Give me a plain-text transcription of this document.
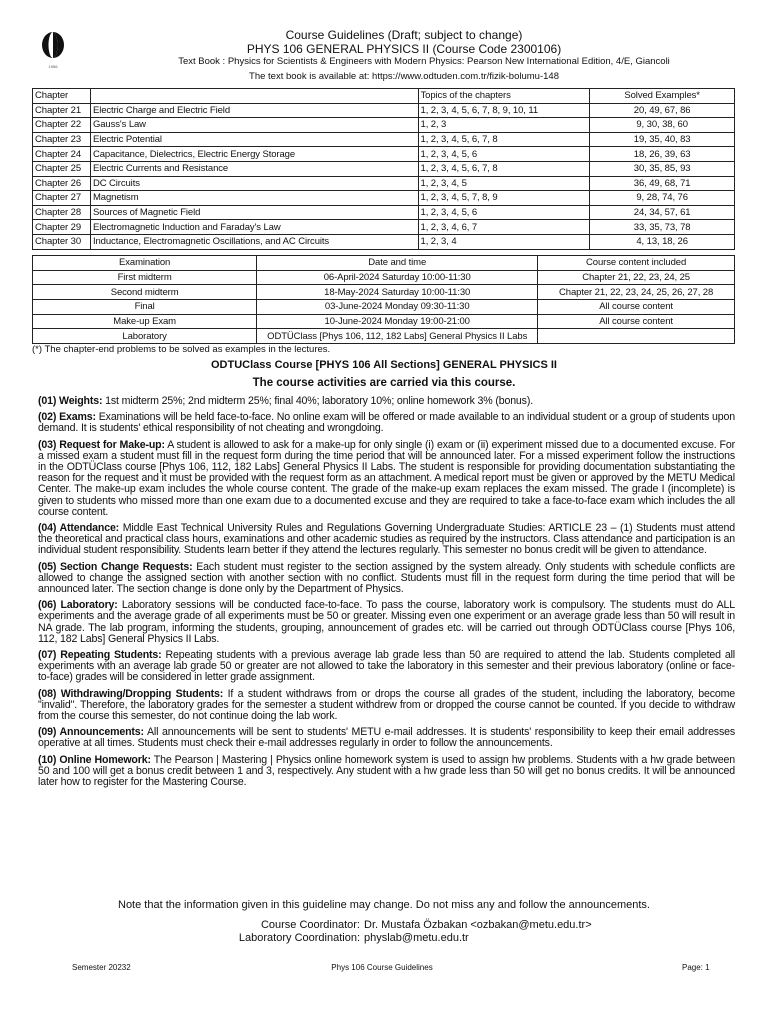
1956
Course Guidelines (Draft; subject to change)
PHYS 106 GENERAL PHYSICS II (Course Code 2300106)
Text Book : Physics for Scientists & Engineers with Modern Physics: Pearson New International Edition, 4/E, Giancoli
The text book is available at: https://www.odtuden.com.tr/fizik-bolumu-148
Chapter		Topics of the chapters	Solved Examples*
Chapter 21	Electric Charge and Electric Field	1, 2, 3, 4, 5, 6, 7, 8, 9, 10, 11	20, 49, 67, 86
Chapter 22	Gauss's Law	1, 2, 3	9, 30, 38, 60
Chapter 23	Electric Potential	1, 2, 3, 4, 5, 6, 7, 8	19, 35, 40, 83
Chapter 24	Capacitance, Dielectrics, Electric Energy Storage	1, 2, 3, 4, 5, 6	18, 26, 39, 63
Chapter 25	Electric Currents and Resistance	1, 2, 3, 4, 5, 6, 7, 8	30, 35, 85, 93
Chapter 26	DC Circuits	1, 2, 3, 4, 5	36, 49, 68, 71
Chapter 27	Magnetism	1, 2, 3, 4, 5, 7, 8, 9	9, 28, 74, 76
Chapter 28	Sources of Magnetic Field	1, 2, 3, 4, 5, 6	24, 34, 57, 61
Chapter 29	Electromagnetic Induction and Faraday's Law	1, 2, 3, 4, 6, 7	33, 35, 73, 78
Chapter 30	Inductance, Electromagnetic Oscillations, and AC Circuits	1, 2, 3, 4	4, 13, 18, 26
Examination	Date and time	Course content included
First midterm	06-April-2024 Saturday 10:00-11:30	Chapter 21, 22, 23, 24, 25
Second midterm	18-May-2024 Saturday 10:00-11:30	Chapter 21, 22, 23, 24, 25, 26, 27, 28
Final	03-June-2024 Monday 09:30-11:30	All course content
Make-up Exam	10-June-2024 Monday 19:00-21:00	All course content
Laboratory	ODTÜClass [Phys 106, 112, 182 Labs] General Physics II Labs	
(*) The chapter-end problems to be solved as examples in the lectures.
ODTUClass Course [PHYS 106 All Sections] GENERAL PHYSICS II
The course activities are carried via this course.
(01) Weights: 1st midterm 25%; 2nd midterm 25%; final 40%; laboratory 10%; online homework 3% (bonus).
(02) Exams: Examinations will be held face-to-face. No online exam will be offered or made available to an individual student or a group of students upon demand. It is students' ethical responsibility of not cheating and wrongdoing.
(03) Request for Make-up: A student is allowed to ask for a make-up for only single (i) exam or (ii) experiment missed due to a documented excuse. For a missed exam a student must fill in the request form during the time period that will be announced later. For a missed experiment follow the instructions in the ODTÜClass course [Phys 106, 112, 182 Labs] General Physics II Labs. The student is responsible for providing documentation substantiating the reason for the request and it must be provided with the request form as an attachment. A medical report must be given or approved by the METU Medical Center. The make-up exam includes the whole course content. The grade of the make-up exam replaces the exam missed. The grade I (incomplete) is given to students who missed more than one exam due to a documented excuse and they are required to take a face-to-face exam which includes the all course content.
(04) Attendance: Middle East Technical University Rules and Regulations Governing Undergraduate Studies: ARTICLE 23 – (1) Students must attend the theoretical and practical class hours, examinations and other academic studies as required by the instructors. Class attendance and participation is an individual student responsibility. Students learn better if they attend the lectures regularly. This semester no bonus credit will be given to attendance.
(05) Section Change Requests: Each student must register to the section assigned by the system already. Only students with schedule conflicts are allowed to change the assigned section with another section with no conflict. Students must fill in the request form during the time period that will be announced later. The section change is done only by the Department of Physics.
(06) Laboratory: Laboratory sessions will be conducted face-to-face. To pass the course, laboratory work is compulsory. The students must do ALL experiments and the average grade of all experiments must be 50 or greater. Missing even one experiment or an average grade less than 50 will result in NA grade. The lab program, informing the students, grouping, announcement of grades etc. will be carried out through ODTÜClass course [Phys 106, 112, 182 Labs] General Physics II Labs.
(07) Repeating Students: Repeating students with a previous average lab grade less than 50 are required to attend the lab. Students completed all experiments with an average lab grade 50 or greater are not allowed to take the laboratory in this semester and their previous laboratory (online or face-to-face) grades will be considered in letter grade assignment.
(08) Withdrawing/Dropping Students: If a student withdraws from or drops the course all grades of the student, including the laboratory, become "invalid". Therefore, the laboratory grades for the semester a student withdrew from or dropped the course cannot be counted. If you decide to withdraw from the course this semester, do not continue doing the lab work.
(09) Announcements: All announcements will be sent to students' METU e-mail addresses. It is students' responsibility to keep their email addresses operative at all times. Students must check their e-mail addresses regularly in order to follow the announcements.
(10) Online Homework: The Pearson | Mastering | Physics online homework system is used to assign hw problems. Students with a hw grade between 50 and 100 will get a bonus credit between 1 and 3, respectively. Any student with a hw grade less than 50 will get no bonus credits. It will be announced later how to register for the Mastering Course.
Note that the information given in this guideline may change. Do not miss any and follow the announcements.
Course Coordinator: Dr. Mustafa Özbakan <ozbakan@metu.edu.tr>
Laboratory Coordination: physlab@metu.edu.tr
Semester 20232	Phys 106 Course Guidelines	Page: 1
